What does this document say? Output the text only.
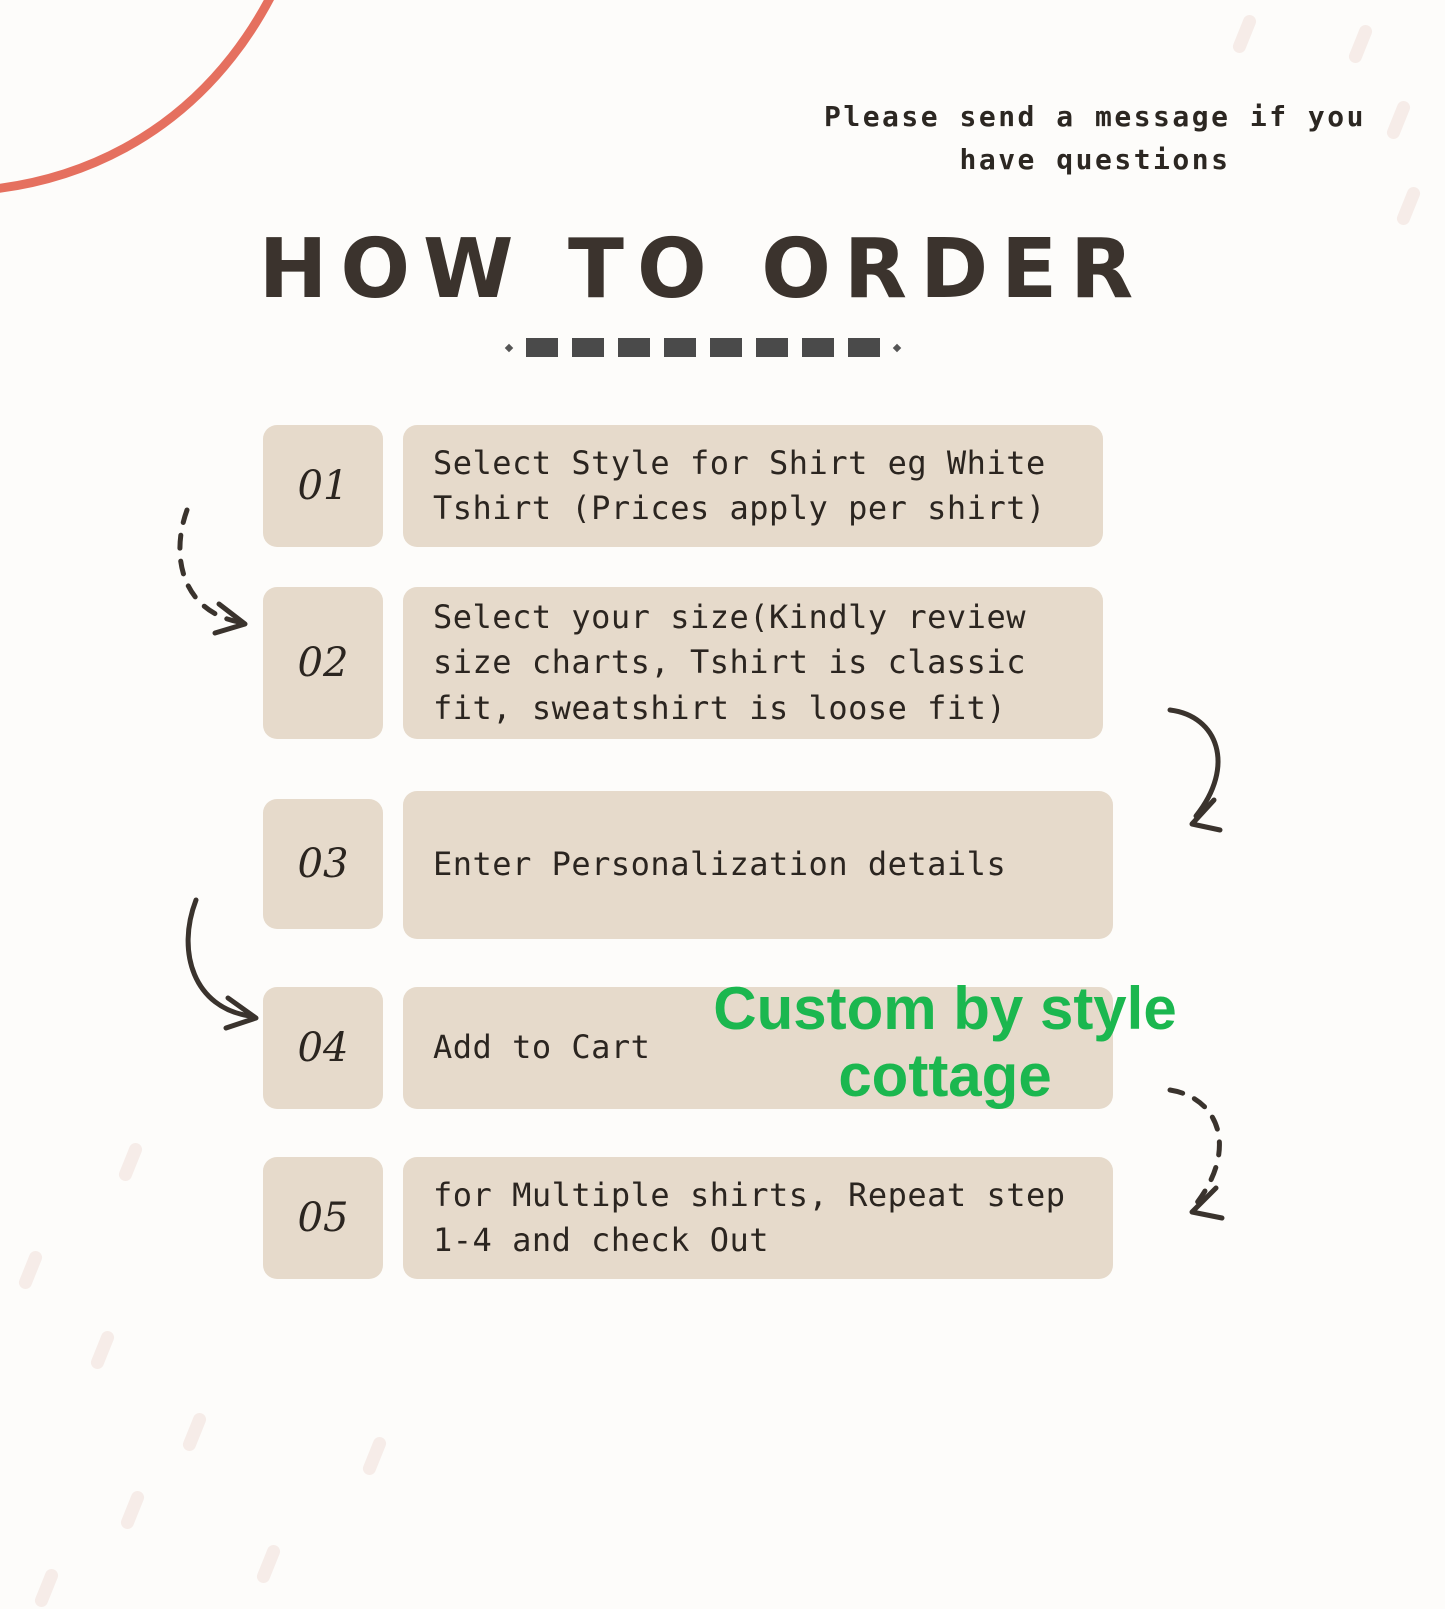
Please send a message if you have questions
HOW TO ORDER
01
Select Style for Shirt eg White Tshirt (Prices apply per shirt)
02
Select your size(Kindly review size charts, Tshirt is classic fit, sweatshirt is loose fit)
03	Enter Personalization details
04	Add to Cart
05
for Multiple shirts, Repeat step 1-4 and check Out
Custom by style
cottage
